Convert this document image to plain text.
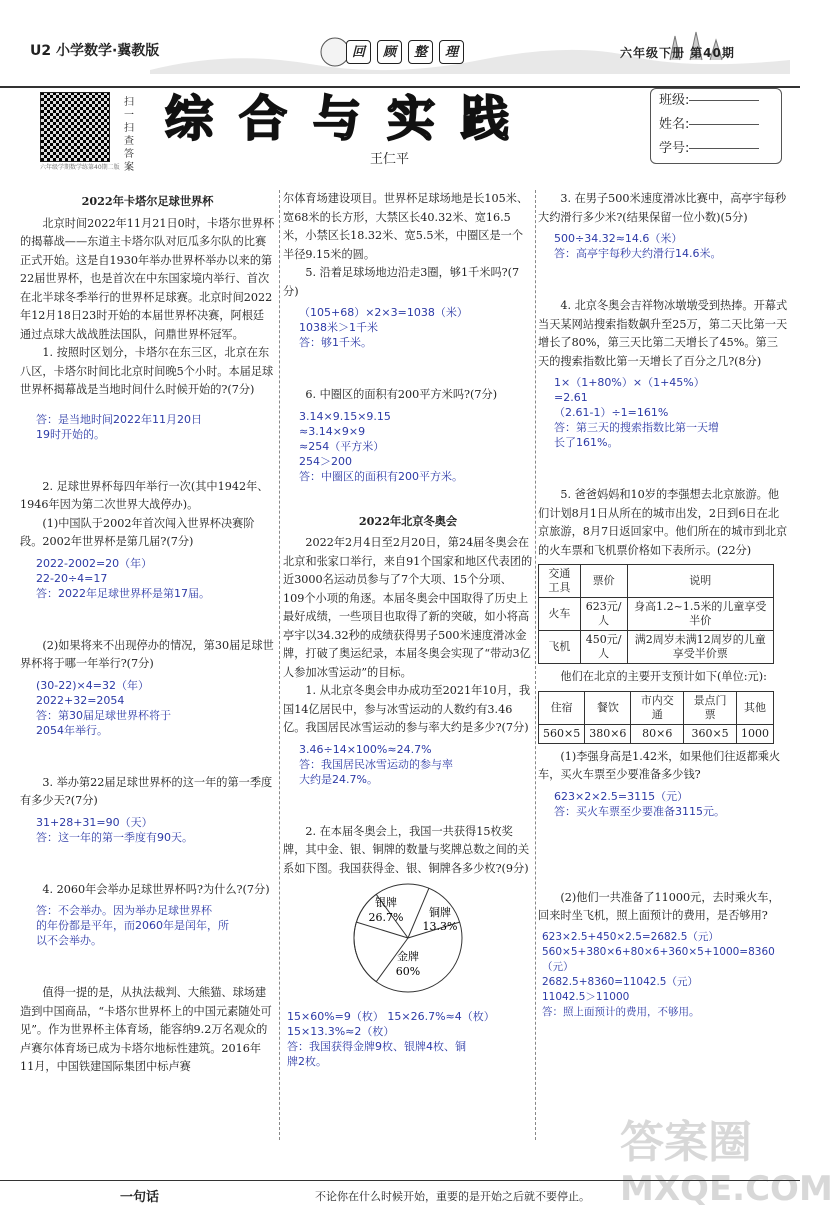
U2 小学数学·冀教版	回	顾	整	理	六年级下册 第40期
六年级学期数学练第40期二版
扫一扫查答案
综合与实践
王仁平
班级:
姓名:
学号:
2022年卡塔尔足球世界杯

北京时间2022年11月21日0时，卡塔尔世界杯的揭幕战——东道主卡塔尔队对厄瓜多尔队的比赛正式开始。这是自1930年举办世界杯举办以来的第22届世界杯，也是首次在中东国家境内举行、首次在北半球冬季举行的世界杯足球赛。北京时间2022年12月18日23时开始的本届世界杯决赛，阿根廷通过点球大战战胜法国队，问鼎世界杯冠军。

1. 按照时区划分，卡塔尔在东三区，北京在东八区，卡塔尔时间比北京时间晚5个小时。本届足球世界杯揭幕战是当地时间什么时候开始的?(7分)

答：是当地时间2022年11月20日
19时开始的。

2. 足球世界杯每四年举行一次(其中1942年、1946年因为第二次世界大战停办)。

(1)中国队于2002年首次闯入世界杯决赛阶段。2002年世界杯是第几届?(7分)

2022-2002=20（年）
22-20÷4=17
答：2022年足球世界杯是第17届。

(2)如果将来不出现停办的情况，第30届足球世界杯将于哪一年举行?(7分)

(30-22)×4=32（年）
2022+32=2054
答：第30届足球世界杯将于
2054年举行。

3. 举办第22届足球世界杯的这一年的第一季度有多少天?(7分)

31+28+31=90（天）
答：这一年的第一季度有90天。

4. 2060年会举办足球世界杯吗?为什么?(7分)

答：不会举办。因为举办足球世界杯
的年份都是平年，而2060年是闰年，所
以不会举办。

值得一提的是，从执法裁判、大熊猫、球场建造到中国商品，“卡塔尔世界杯上的中国元素随处可见”。作为世界杯主体育场，能容纳9.2万名观众的卢赛尔体育场已成为卡塔尔地标性建筑。2016年11月，中国铁建国际集团中标卢赛

尔体育场建设项目。世界杯足球场地是长105米、宽68米的长方形，大禁区长40.32米、宽16.5米，小禁区长18.32米、宽5.5米，中圈区是一个半径9.15米的圆。

5. 沿着足球场地边沿走3圈，够1千米吗?(7分)

（105+68）×2×3=1038（米）
1038米＞1千米
答：够1千米。

6. 中圈区的面积有200平方米吗?(7分)

3.14×9.15×9.15
≈3.14×9×9
≈254（平方米）
254＞200
答：中圈区的面积有200平方米。
2022年北京冬奥会

2022年2月4日至2月20日，第24届冬奥会在北京和张家口举行，来自91个国家和地区代表团的近3000名运动员参与了7个大项、15个分项、109个小项的角逐。本届冬奥会中国取得了历史上最好成绩，一些项目也取得了新的突破，如小将高亭宇以34.32秒的成绩获得男子500米速度滑冰金牌，打破了奥运纪录，本届冬奥会实现了“带动3亿人参加冰雪运动”的目标。

1. 从北京冬奥会申办成功至2021年10月，我国14亿居民中，参与冰雪运动的人数约有3.46亿。我国居民冰雪运动的参与率大约是多少?(7分)

3.46÷14×100%≈24.7%
答：我国居民冰雪运动的参与率
大约是24.7%。

2. 在本届冬奥会上，我国一共获得15枚奖牌，其中金、银、铜牌的数量与奖牌总数之间的关系如下图。我国获得金、银、铜牌各多少枚?(9分)

银牌
26.7% 铜牌
13.3%
金牌
60%
15×60%=9（枚） 15×26.7%≈4（枚）
15×13.3%≈2（枚）
答：我国获得金牌9枚、银牌4枚、铜
牌2枚。

3. 在男子500米速度滑冰比赛中，高亭宇每秒大约滑行多少米?(结果保留一位小数)(5分)

500÷34.32≈14.6（米）
答：高亭宇每秒大约滑行14.6米。

4. 北京冬奥会吉祥物冰墩墩受到热捧。开幕式当天某网站搜索指数飙升至25万，第二天比第一天增长了80%，第三天比第二天增长了45%。第三天的搜索指数比第一天增长了百分之几?(8分)

1×（1+80%）×（1+45%）
=2.61
（2.61-1）÷1=161%
答：第三天的搜索指数比第一天增
长了161%。

5. 爸爸妈妈和10岁的李强想去北京旅游。他们计划8月1日从所在的城市出发，2日到6日在北京旅游，8月7日返回家中。他们所在的城市到北京的火车票和飞机票价格如下表所示。(22分)

交通工具	票价	说明
火车	623元/人	身高1.2~1.5米的儿童享受半价
飞机	450元/人	满2周岁未满12周岁的儿童享受半价票

他们在北京的主要开支预计如下(单位:元):

住宿	餐饮	市内交通	景点门票	其他
560×5	380×6	80×6	360×5	1000

(1)李强身高是1.42米，如果他们往返都乘火车，买火车票至少要准备多少钱?

623×2×2.5=3115（元）
答：买火车票至少要准备3115元。

(2)他们一共准备了11000元，去时乘火车，回来时坐飞机，照上面预计的费用，是否够用?

623×2.5+450×2.5=2682.5（元）
560×5+380×6+80×6+360×5+1000=8360（元）
2682.5+8360=11042.5（元）
11042.5＞11000
答：照上面预计的费用，不够用。
答案圈
MXQE.COM
一句话	不论你在什么时候开始，重要的是开始之后就不要停止。
